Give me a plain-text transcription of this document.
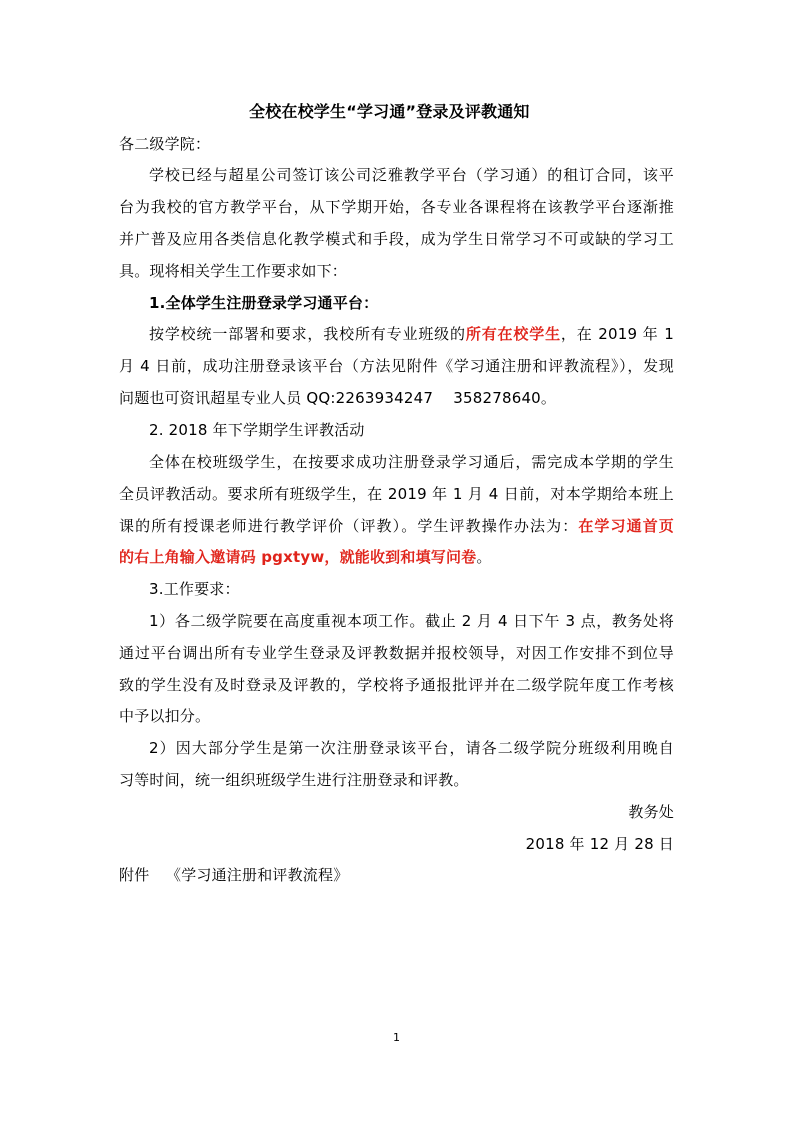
全校在校学生“学习通”登录及评教通知
各二级学院：
学校已经与超星公司签订该公司泛雅教学平台（学习通）的租订合同，该平
台为我校的官方教学平台，从下学期开始，各专业各课程将在该教学平台逐渐推
并广普及应用各类信息化教学模式和手段，成为学生日常学习不可或缺的学习工
具。现将相关学生工作要求如下：
1.全体学生注册登录学习通平台：
按学校统一部署和要求，我校所有专业班级的所有在校学生，在 2019 年 1
月 4 日前，成功注册登录该平台（方法见附件《学习通注册和评教流程》），发现
问题也可资讯超星专业人员 QQ:2263934247　 358278640。
2. 2018 年下学期学生评教活动
全体在校班级学生，在按要求成功注册登录学习通后，需完成本学期的学生
全员评教活动。要求所有班级学生，在 2019 年 1 月 4 日前，对本学期给本班上
课的所有授课老师进行教学评价（评教）。学生评教操作办法为：在学习通首页
的右上角输入邀请码 pgxtyw，就能收到和填写问卷。
3.工作要求：
1）各二级学院要在高度重视本项工作。截止 2 月 4 日下午 3 点，教务处将
通过平台调出所有专业学生登录及评教数据并报校领导，对因工作安排不到位导
致的学生没有及时登录及评教的，学校将予通报批评并在二级学院年度工作考核
中予以扣分。
2）因大部分学生是第一次注册登录该平台，请各二级学院分班级利用晚自
习等时间，统一组织班级学生进行注册登录和评教。
教务处
2018 年 12 月 28 日
附件 《学习通注册和评教流程》
1
